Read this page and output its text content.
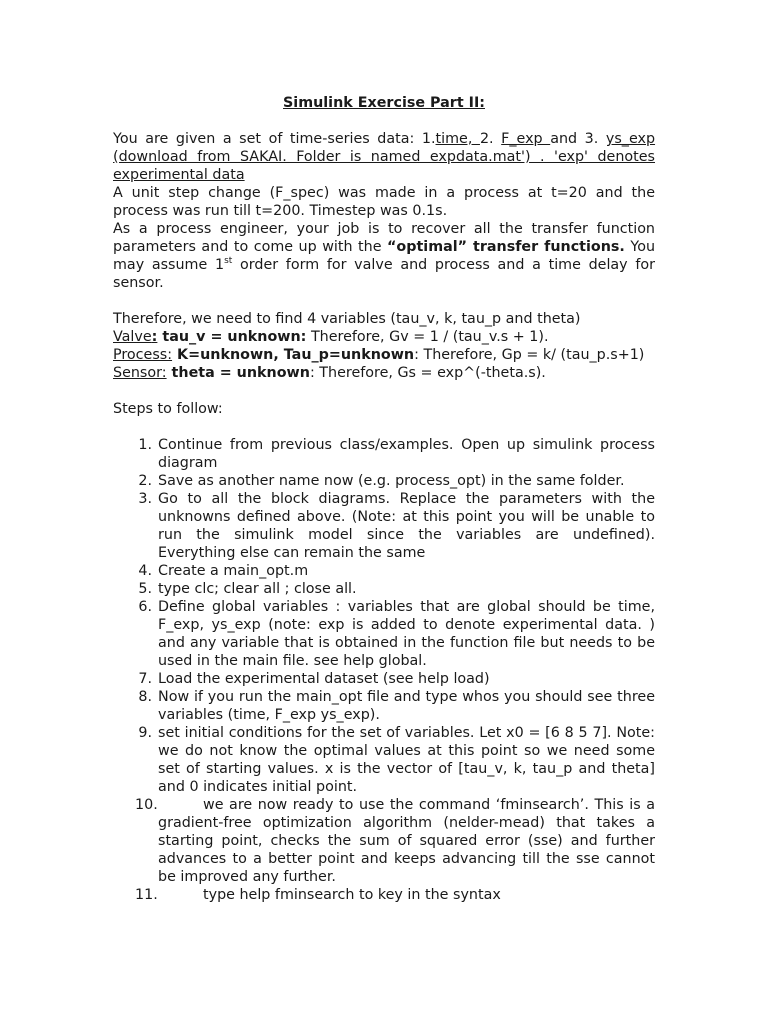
Simulink Exercise Part II:

You are given a set of time-series data: 1.time, 2. F_exp and 3. ys_exp (download from SAKAI. Folder is named expdata.mat') . 'exp' denotes experimental data

A unit step change (F_spec) was made in a process at t=20 and the process was run till t=200. Timestep was 0.1s.

As a process engineer, your job is to recover all the transfer function parameters and to come up with the “optimal” transfer functions. You may assume 1st order form for valve and process and a time delay for sensor.

Therefore, we need to find 4 variables (tau_v, k, tau_p and theta)

Valve: tau_v = unknown: Therefore, Gv = 1 / (tau_v.s + 1).

Process: K=unknown, Tau_p=unknown: Therefore, Gp = k/ (tau_p.s+1)

Sensor: theta = unknown: Therefore, Gs = exp^(-theta.s).

Steps to follow:

1. Continue from previous class/examples. Open up simulink process diagram
2. Save as another name now (e.g. process_opt) in the same folder.
3. Go to all the block diagrams. Replace the parameters with the unknowns defined above. (Note: at this point you will be unable to run the simulink model since the variables are undefined). Everything else can remain the same
4. Create a main_opt.m
5. type clc; clear all ; close all.
6. Define global variables : variables that are global should be time, F_exp, ys_exp (note: exp is added to denote experimental data. ) and any variable that is obtained in the function file but needs to be used in the main file. see help global.
7. Load the experimental dataset (see help load)
8. Now if you run the main_opt file and type whos you should see three variables (time, F_exp ys_exp).
9. set initial conditions for the set of variables. Let x0 = [6 8 5 7]. Note: we do not know the optimal values at this point so we need some set of starting values. x is the vector of [tau_v, k, tau_p and theta] and 0 indicates initial point.
10.	we are now ready to use the command ‘fminsearch’. This is a gradient-free optimization algorithm (nelder-mead) that takes a starting point, checks the sum of squared error (sse) and further advances to a better point and keeps advancing till the sse cannot be improved any further.
11.	type help fminsearch to key in the syntax
